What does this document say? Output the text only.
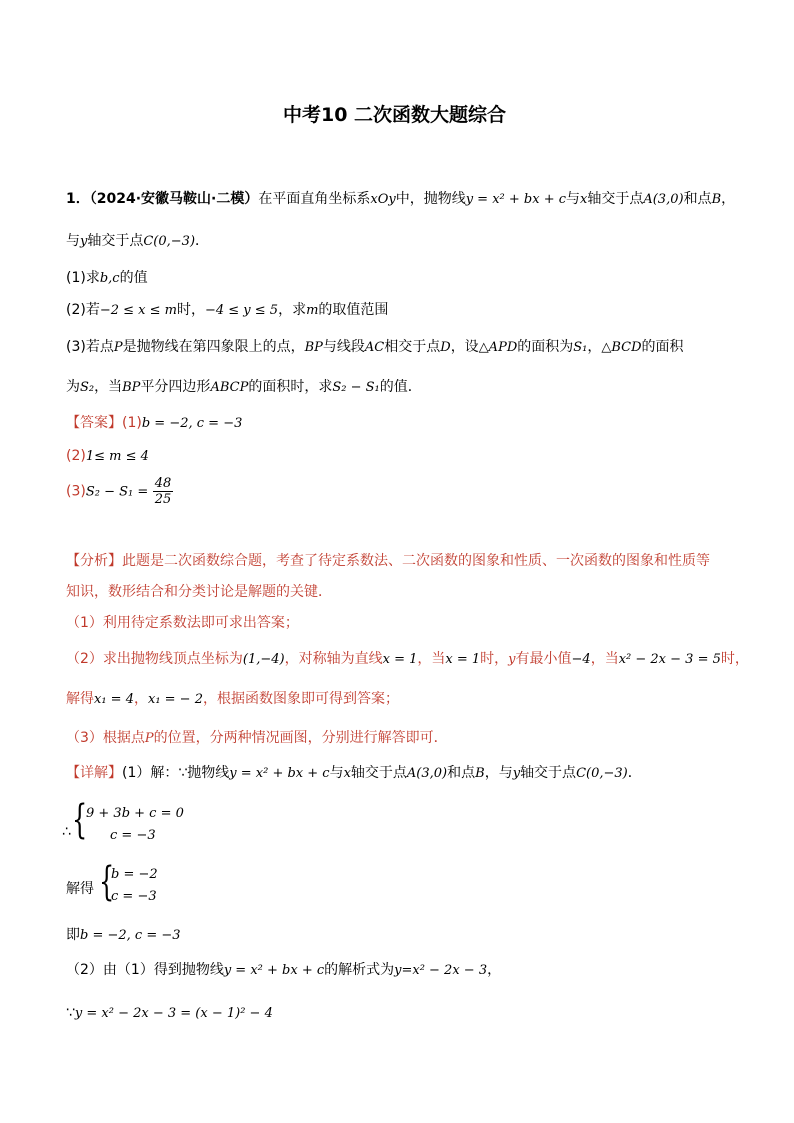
中考10 二次函数大题综合
1．（2024·安徽马鞍山·二模）在平面直角坐标系xOy中，抛物线y = x² + bx + c与x轴交于点A(3,0)和点B，
与y轴交于点C(0,−3)．
(1)求b,c的值
(2)若−2 ≤ x ≤ m时，−4 ≤ y ≤ 5，求m的取值范围
(3)若点P是抛物线在第四象限上的点，BP与线段AC相交于点D，设△APD的面积为S₁，△BCD的面积
为S₂，当BP平分四边形ABCP的面积时，求S₂ − S₁的值．
【答案】(1)b = −2, c = −3
(2)1≤ m ≤ 4
$(3)S_2 - S_1 = \frac{48}{25}$
【分析】此题是二次函数综合题，考查了待定系数法、二次函数的图象和性质、一次函数的图象和性质等
知识，数形结合和分类讨论是解题的关键．
（1）利用待定系数法即可求出答案；
（2）求出抛物线顶点坐标为(1,−4)，对称轴为直线x = 1，当x = 1时，y有最小值−4，当x² − 2x − 3 = 5时，
解得x₁ = 4，x₁ = − 2，根据函数图象即可得到答案；
（3）根据点P的位置，分两种情况画图，分别进行解答即可．
【详解】(1）解：∵抛物线y = x² + bx + c与x轴交于点A(3,0)和点B，与y轴交于点C(0,−3)．
∴ {
9 + 3b + c = 0
c = −3
解得 {
b = −2
c = −3
即b = −2, c = −3
（2）由（1）得到抛物线y = x² + bx + c的解析式为y=x² − 2x − 3，
∵y = x² − 2x − 3 = (x − 1)² − 4
